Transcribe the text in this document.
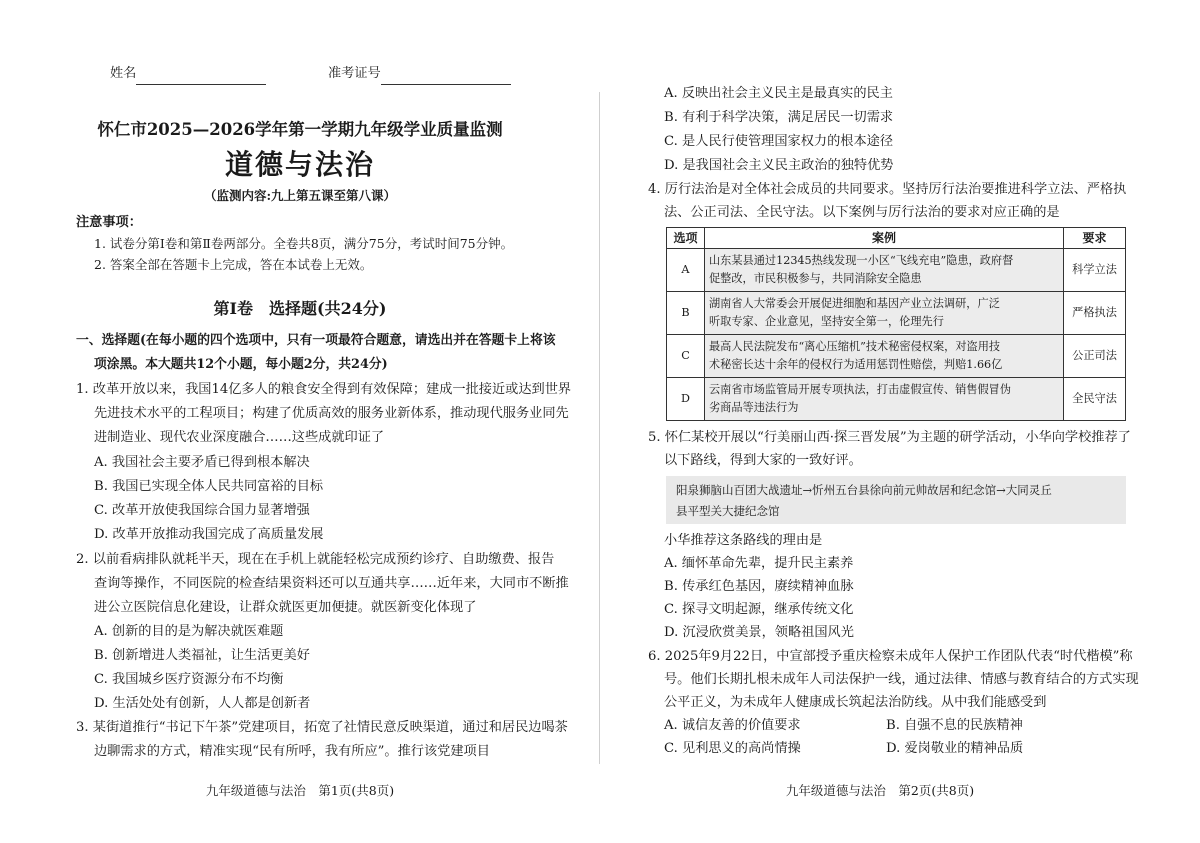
姓名	准考证号
怀仁市2025—2026学年第一学期九年级学业质量监测
道德与法治
（监测内容:九上第五课至第八课）
注意事项：
1. 试卷分第Ⅰ卷和第Ⅱ卷两部分。全卷共8页，满分75分，考试时间75分钟。
2. 答案全部在答题卡上完成，答在本试卷上无效。
第Ⅰ卷　选择题(共24分)
一、选择题(在每小题的四个选项中，只有一项最符合题意，请选出并在答题卡上将该
项涂黑。本大题共12个小题，每小题2分，共24分)
1. 改革开放以来，我国14亿多人的粮食安全得到有效保障；建成一批接近或达到世界
先进技术水平的工程项目；构建了优质高效的服务业新体系，推动现代服务业同先
进制造业、现代农业深度融合……这些成就印证了
A. 我国社会主要矛盾已得到根本解决
B. 我国已实现全体人民共同富裕的目标
C. 改革开放使我国综合国力显著增强
D. 改革开放推动我国完成了高质量发展
2. 以前看病排队就耗半天，现在在手机上就能轻松完成预约诊疗、自助缴费、报告
查询等操作，不同医院的检查结果资料还可以互通共享……近年来，大同市不断推
进公立医院信息化建设，让群众就医更加便捷。就医新变化体现了
A. 创新的目的是为解决就医难题
B. 创新增进人类福祉，让生活更美好
C. 我国城乡医疗资源分布不均衡
D. 生活处处有创新，人人都是创新者
3. 某街道推行“书记下午茶”党建项目，拓宽了社情民意反映渠道，通过和居民边喝茶
边聊需求的方式，精准实现“民有所呼，我有所应”。推行该党建项目
九年级道德与法治　第1页(共8页)
A. 反映出社会主义民主是最真实的民主
B. 有利于科学决策，满足居民一切需求
C. 是人民行使管理国家权力的根本途径
D. 是我国社会主义民主政治的独特优势
4. 厉行法治是对全体社会成员的共同要求。坚持厉行法治要推进科学立法、严格执
法、公正司法、全民守法。以下案例与厉行法治的要求对应正确的是
选项	案例	要求
A	山东某县通过12345热线发现一小区“飞线充电”隐患，政府督
促整改，市民积极参与，共同消除安全隐患	科学立法
B	湖南省人大常委会开展促进细胞和基因产业立法调研，广泛
听取专家、企业意见，坚持安全第一，伦理先行	严格执法
C	最高人民法院发布“离心压缩机”技术秘密侵权案，对盗用技
术秘密长达十余年的侵权行为适用惩罚性赔偿，判赔1.66亿	公正司法
D	云南省市场监管局开展专项执法，打击虚假宣传、销售假冒伪
劣商品等违法行为	全民守法
5. 怀仁某校开展以“行美丽山西·探三晋发展”为主题的研学活动，小华向学校推荐了
以下路线，得到大家的一致好评。
阳泉狮脑山百团大战遗址→忻州五台县徐向前元帅故居和纪念馆→大同灵丘
县平型关大捷纪念馆
小华推荐这条路线的理由是
A. 缅怀革命先辈，提升民主素养
B. 传承红色基因，赓续精神血脉
C. 探寻文明起源，继承传统文化
D. 沉浸欣赏美景，领略祖国风光
6. 2025年9月22日，中宣部授予重庆检察未成年人保护工作团队代表“时代楷模”称
号。他们长期扎根未成年人司法保护一线，通过法律、情感与教育结合的方式实现
公平正义，为未成年人健康成长筑起法治防线。从中我们能感受到
A. 诚信友善的价值要求	B. 自强不息的民族精神
C. 见利思义的高尚情操	D. 爱岗敬业的精神品质
九年级道德与法治　第2页(共8页)
